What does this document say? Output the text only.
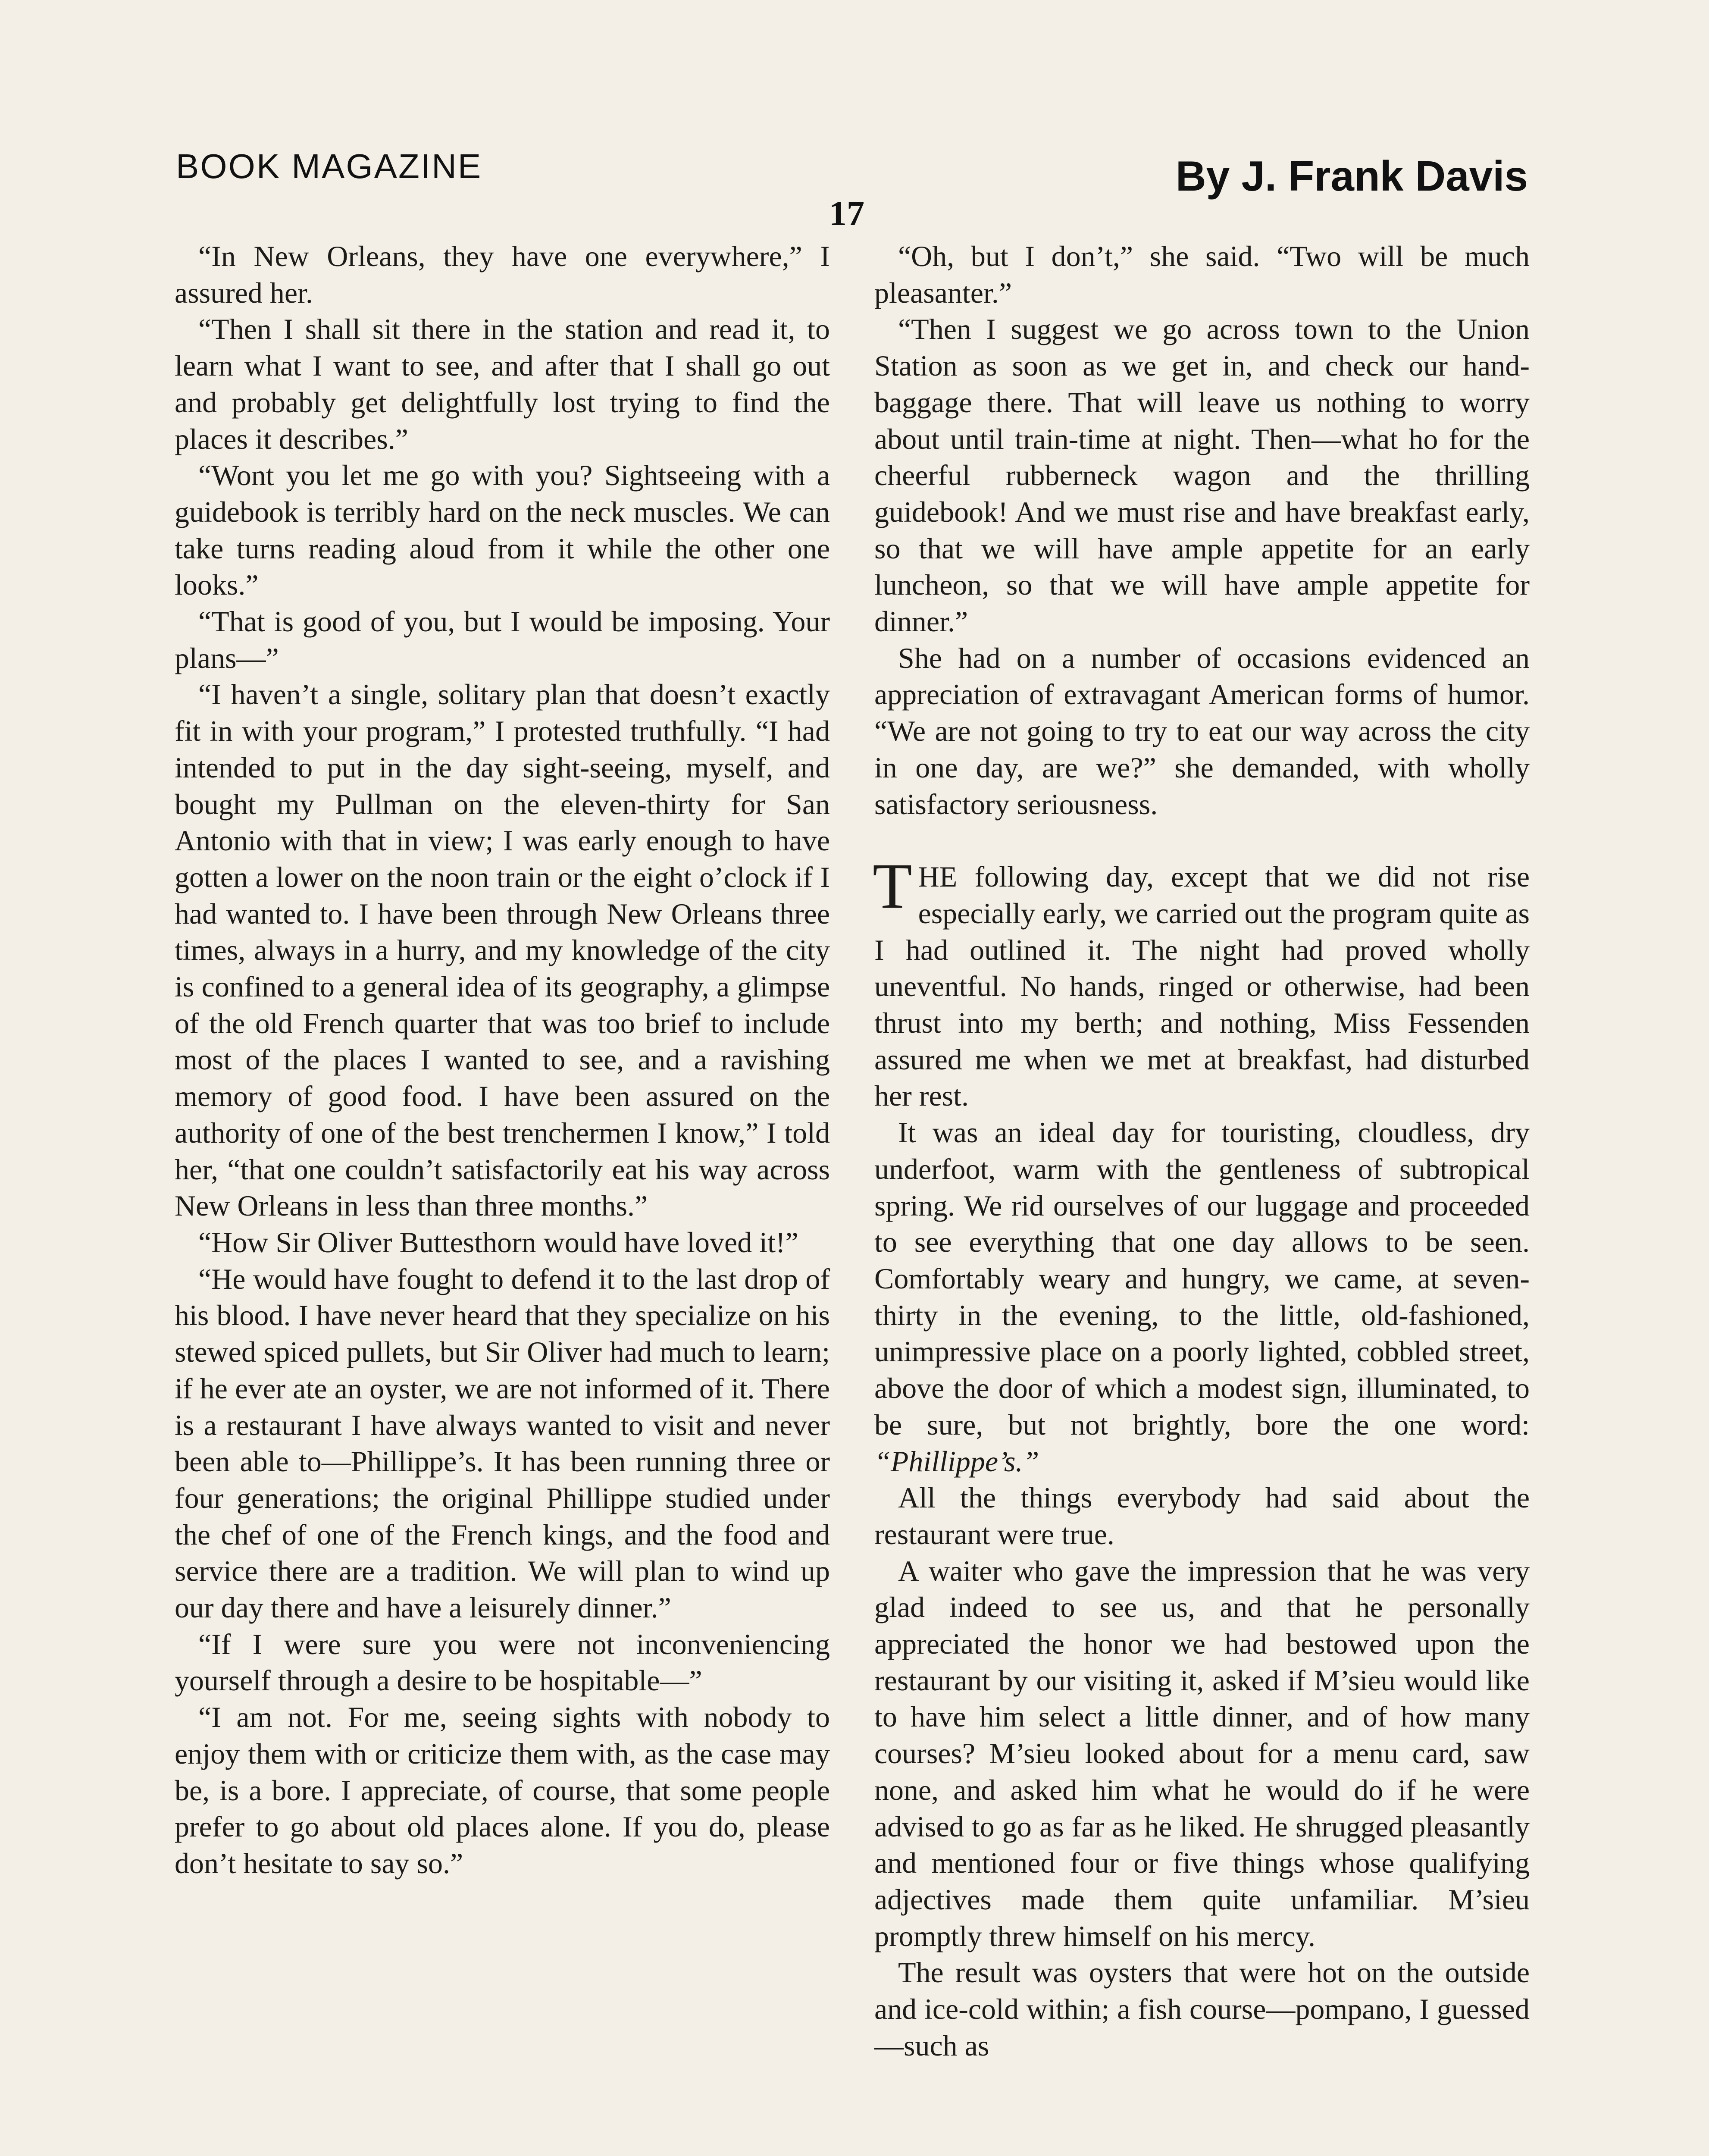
BOOK MAGAZINE	By J. Frank Davis
17

“In New Orleans, they have one everywhere,” I assured her.

“Then I shall sit there in the station and read it, to learn what I want to see, and after that I shall go out and probably get delightfully lost trying to find the places it describes.”

“Wont you let me go with you? Sightseeing with a guidebook is terribly hard on the neck muscles. We can take turns reading aloud from it while the other one looks.”

“That is good of you, but I would be imposing. Your plans—”

“I haven’t a single, solitary plan that doesn’t exactly fit in with your program,” I protested truthfully. “I had intended to put in the day sight-seeing, myself, and bought my Pullman on the eleven-thirty for San Antonio with that in view; I was early enough to have gotten a lower on the noon train or the eight o’clock if I had wanted to. I have been through New Orleans three times, always in a hurry, and my knowledge of the city is confined to a general idea of its geography, a glimpse of the old French quarter that was too brief to include most of the places I wanted to see, and a ravishing memory of good food. I have been assured on the authority of one of the best trenchermen I know,” I told her, “that one couldn’t satisfactorily eat his way across New Orleans in less than three months.”

“How Sir Oliver Buttesthorn would have loved it!”

“He would have fought to defend it to the last drop of his blood. I have never heard that they specialize on his stewed spiced pullets, but Sir Oliver had much to learn; if he ever ate an oyster, we are not informed of it. There is a restaurant I have always wanted to visit and never been able to—Phillippe’s. It has been running three or four generations; the original Phillippe studied under the chef of one of the French kings, and the food and service there are a tradition. We will plan to wind up our day there and have a leisurely dinner.”

“If I were sure you were not inconveniencing yourself through a desire to be hospitable—”

“I am not. For me, seeing sights with nobody to enjoy them with or criticize them with, as the case may be, is a bore. I appreciate, of course, that some people prefer to go about old places alone. If you do, please don’t hesitate to say so.”

“Oh, but I don’t,” she said. “Two will be much pleasanter.”

“Then I suggest we go across town to the Union Station as soon as we get in, and check our hand-baggage there. That will leave us nothing to worry about until train-time at night. Then—what ho for the cheerful rubberneck wagon and the thrilling guidebook! And we must rise and have breakfast early, so that we will have ample appetite for an early luncheon, so that we will have ample appetite for dinner.”

She had on a number of occasions evidenced an appreciation of extravagant American forms of humor. “We are not going to try to eat our way across the city in one day, are we?” she demanded, with wholly satisfactory seriousness.

THE following day, except that we did not rise especially early, we carried out the program quite as I had outlined it. The night had proved wholly uneventful. No hands, ringed or otherwise, had been thrust into my berth; and nothing, Miss Fessenden assured me when we met at breakfast, had disturbed her rest.

It was an ideal day for touristing, cloudless, dry underfoot, warm with the gentleness of subtropical spring. We rid ourselves of our luggage and proceeded to see everything that one day allows to be seen. Comfortably weary and hungry, we came, at seven-thirty in the evening, to the little, old-fashioned, unimpressive place on a poorly lighted, cobbled street, above the door of which a modest sign, illuminated, to be sure, but not brightly, bore the one word: “Phillippe’s.”

All the things everybody had said about the restaurant were true.

A waiter who gave the impression that he was very glad indeed to see us, and that he personally appreciated the honor we had bestowed upon the restaurant by our visiting it, asked if M’sieu would like to have him select a little dinner, and of how many courses? M’sieu looked about for a menu card, saw none, and asked him what he would do if he were advised to go as far as he liked. He shrugged pleasantly and mentioned four or five things whose qualifying adjectives made them quite unfamiliar. M’sieu promptly threw himself on his mercy.

The result was oysters that were hot on the outside and ice-cold within; a fish course—pompano, I guessed—such as
